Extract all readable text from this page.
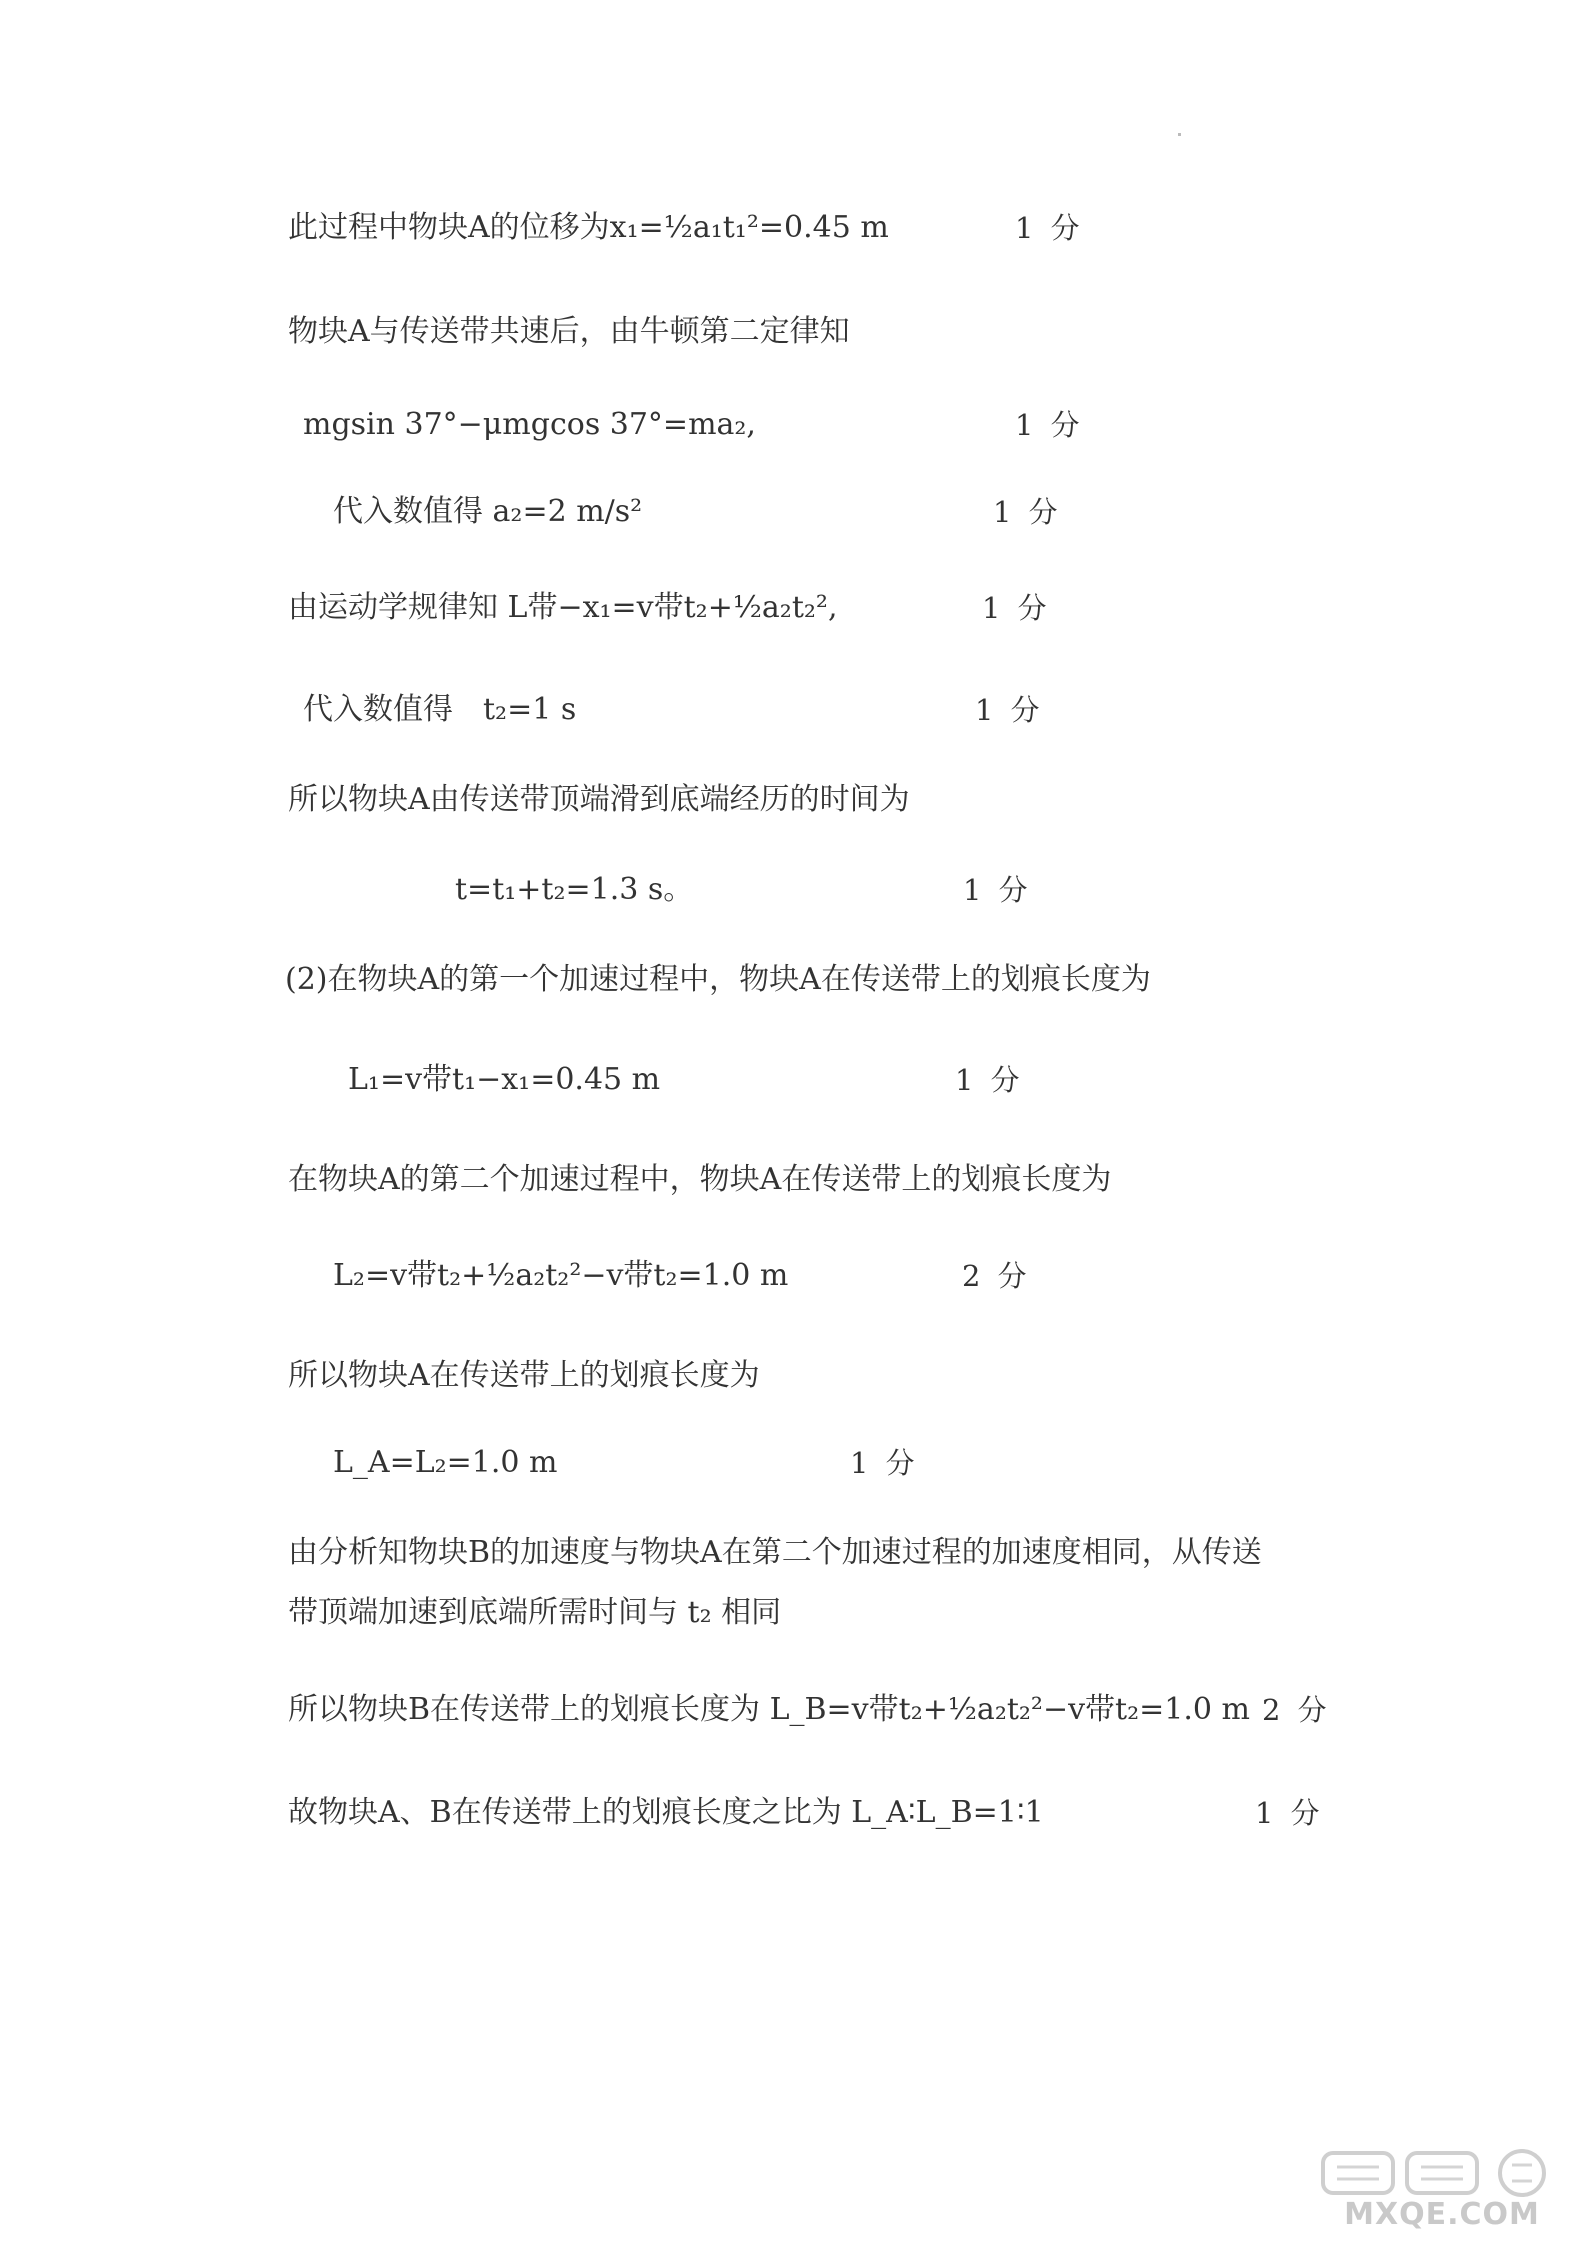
此过程中物块A的位移为x₁=½a₁t₁²=0.45 m	1 分
物块A与传送带共速后，由牛顿第二定律知
mgsin 37°−μmgcos 37°=ma₂,	1 分
代入数值得 a₂=2 m/s²	1 分
由运动学规律知 L带−x₁=v带t₂+½a₂t₂²,	1 分
代入数值得　t₂=1 s	1 分
所以物块A由传送带顶端滑到底端经历的时间为
t=t₁+t₂=1.3 s。	1 分
(2)在物块A的第一个加速过程中，物块A在传送带上的划痕长度为
L₁=v带t₁−x₁=0.45 m	1 分
在物块A的第二个加速过程中，物块A在传送带上的划痕长度为
L₂=v带t₂+½a₂t₂²−v带t₂=1.0 m	2 分
所以物块A在传送带上的划痕长度为
L_A=L₂=1.0 m	1 分
由分析知物块B的加速度与物块A在第二个加速过程的加速度相同，从传送
带顶端加速到底端所需时间与 t₂ 相同
所以物块B在传送带上的划痕长度为 L_B=v带t₂+½a₂t₂²−v带t₂=1.0 m 2 分
故物块A、B在传送带上的划痕长度之比为 L_A∶L_B=1∶1	1 分
MXQE.COM
